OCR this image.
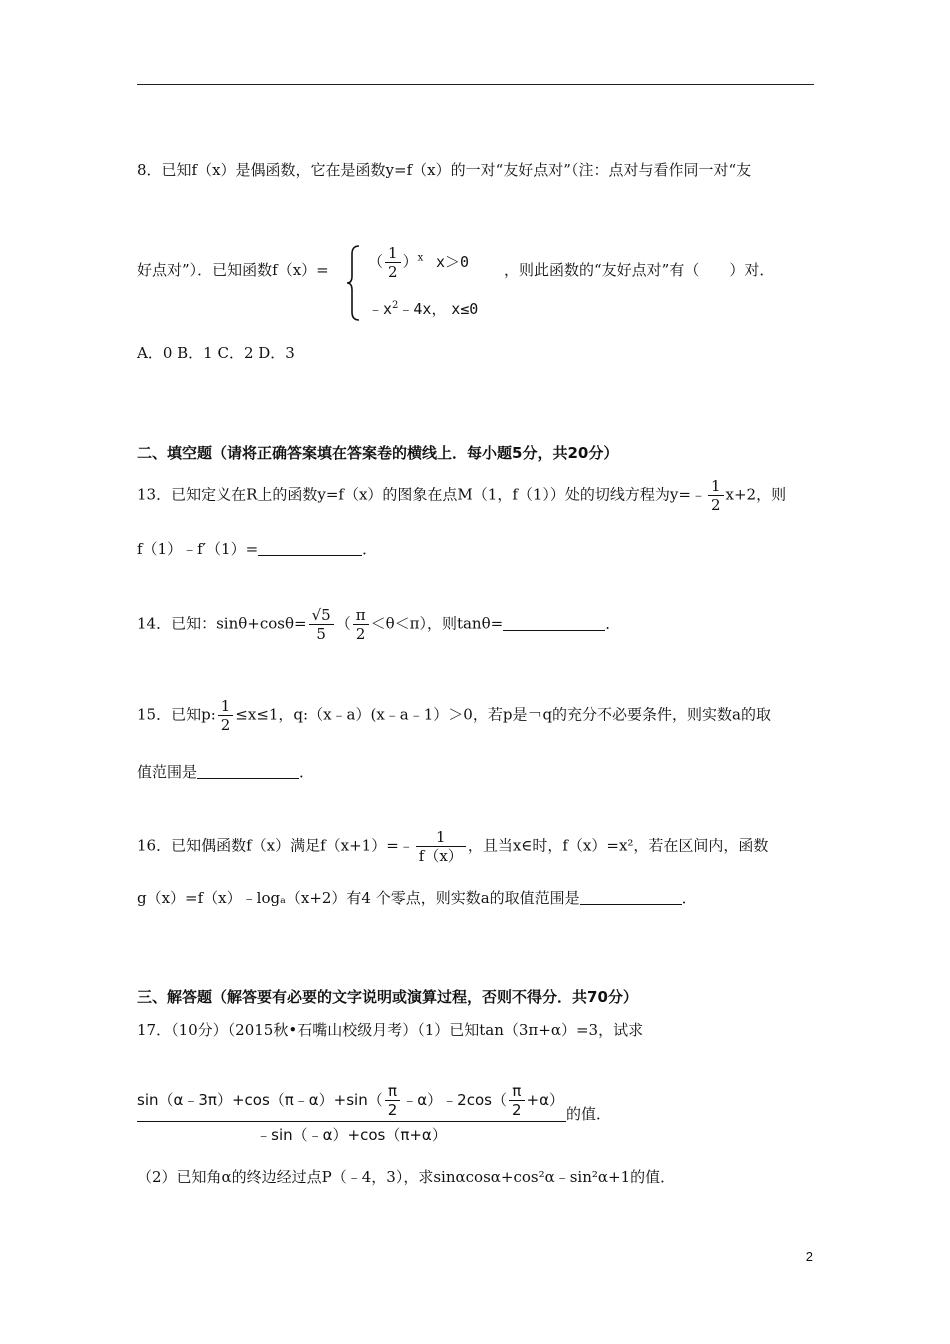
8．已知f（x）是偶函数，它在是函数y=f（x）的一对“友好点对”（注：点对与看作同一对“友
好点对”）．已知函数f（x）=	（ $\frac{1}{2} )^x$ x＞0
$﹣x^2﹣4x$， x≤0
，则此函数的“友好点对”有（　　）对．
A．0 B．1 C．2 D．3
二、填空题（请将正确答案填在答案卷的横线上．每小题5分，共20分）
13．已知定义在R上的函数y=f（x）的图象在点M（1，f（1））处的切线方程为y=﹣ $\frac{1}{2} x+2$，则
f（1）﹣f′（1）=	．
14．已知：$\sin\theta+\cos\theta= \frac{√5}{5}$ （ $\frac{\pi}{2} <\theta<\pi$），则tanθ=	．
15．已知p: $\frac{1}{2} \le x\le 1$，q:（x﹣a）(x﹣a﹣1）＞0，若p是￢q的充分不必要条件，则实数a的取
值范围是	．
16．已知偶函数f（x）满足f（x+1）=﹣ $\frac{1}{f(x)}$ ，且当x∈时，f（x）=x²，若在区间内，函数
g（x）=f（x）﹣logₐ（x+2）有4 个零点，则实数a的取值范围是	．
三、解答题（解答要有必要的文字说明或演算过程，否则不得分．共70分）
17．（10分）（2015秋•石嘴山校级月考）（1）已知tan（3π+α）=3，试求
$\frac{\sin(\alpha﹣3\pi)+\cos(\pi﹣\alpha)+\sin( \frac{\pi}{2} ﹣\alpha)﹣2\cos( \frac{\pi}{2} +\alpha)}{﹣\sin(﹣\alpha)+\cos(\pi+\alpha)}$ 的值．
（2）已知角α的终边经过点P（﹣4，3），求sinαcosα+cos²α﹣sin²α+1的值．
2
